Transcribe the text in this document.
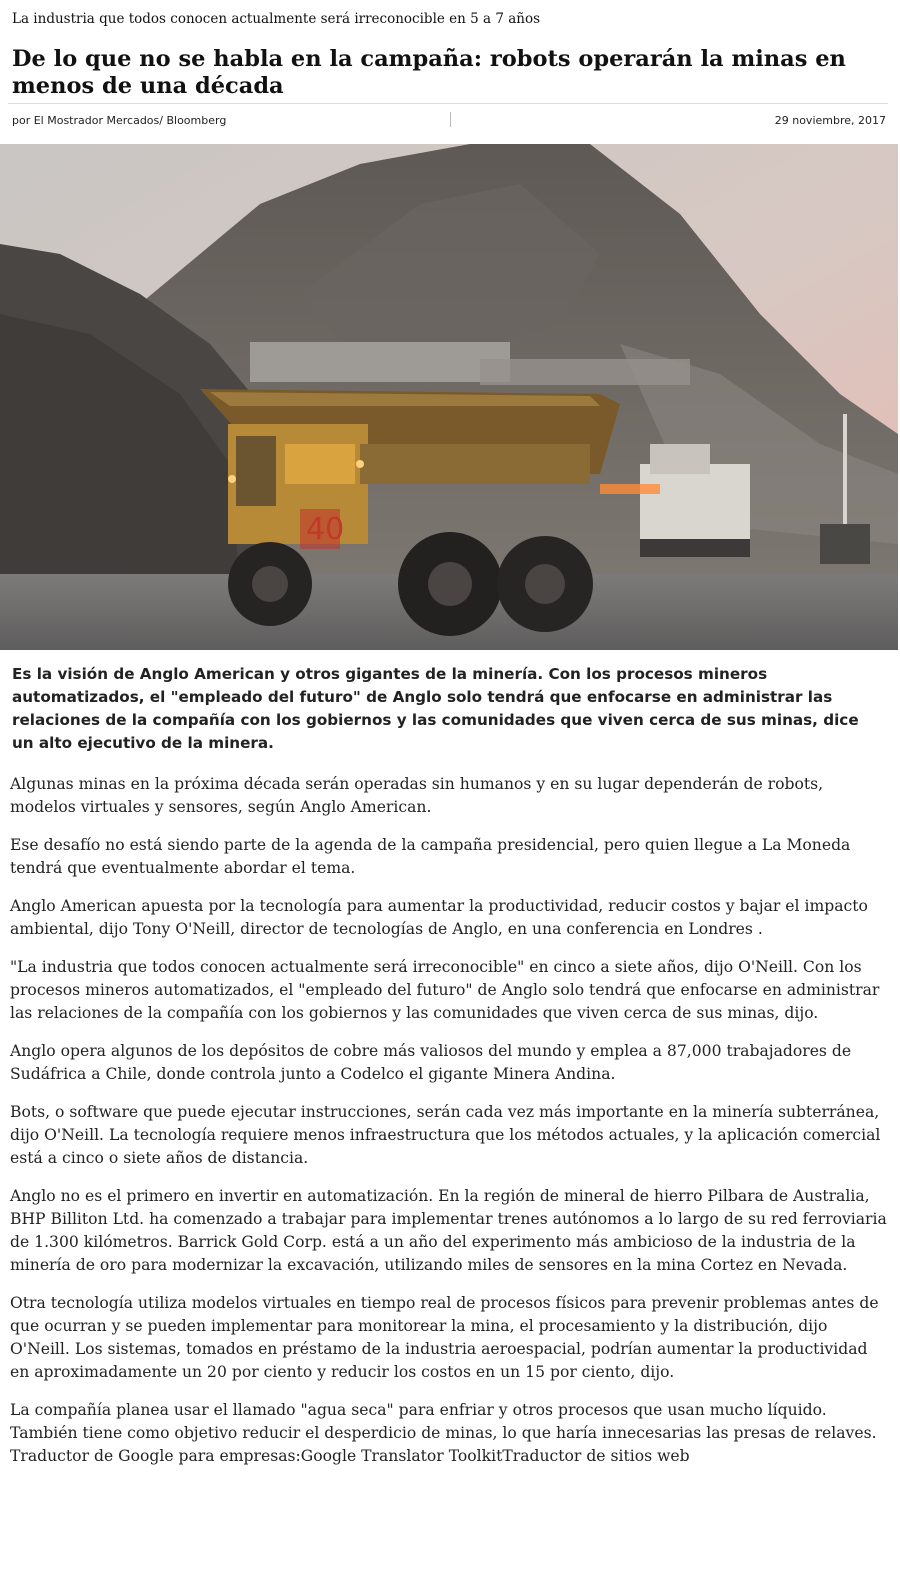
La industria que todos conocen actualmente será irreconocible en 5 a 7 años
De lo que no se habla en la campaña: robots operarán la minas en menos de una década
por El Mostrador Mercados/ Bloomberg	29 noviembre, 2017
40

Es la visión de Anglo American y otros gigantes de la minería. Con los procesos mineros automatizados, el "empleado del futuro" de Anglo solo tendrá que enfocarse en administrar las relaciones de la compañía con los gobiernos y las comunidades que viven cerca de sus minas, dice un alto ejecutivo de la minera.

Algunas minas en la próxima década serán operadas sin humanos y en su lugar dependerán de robots, modelos virtuales y sensores, según Anglo American.

Ese desafío no está siendo parte de la agenda de la campaña presidencial, pero quien llegue a La Moneda tendrá que eventualmente abordar el tema.

Anglo American apuesta por la tecnología para aumentar la productividad, reducir costos y bajar el impacto ambiental, dijo Tony O'Neill, director de tecnologías de Anglo, en una conferencia en Londres .

"La industria que todos conocen actualmente será irreconocible" en cinco a siete años, dijo O'Neill. Con los procesos mineros automatizados, el "empleado del futuro" de Anglo solo tendrá que enfocarse en administrar las relaciones de la compañía con los gobiernos y las comunidades que viven cerca de sus minas, dijo.

Anglo opera algunos de los depósitos de cobre más valiosos del mundo y emplea a 87,000 trabajadores de Sudáfrica a Chile, donde controla junto a Codelco el gigante Minera Andina.

Bots, o software que puede ejecutar instrucciones, serán cada vez más importante en la minería subterránea, dijo O'Neill. La tecnología requiere menos infraestructura que los métodos actuales, y la aplicación comercial está a cinco o siete años de distancia.

Anglo no es el primero en invertir en automatización. En la región de mineral de hierro Pilbara de Australia, BHP Billiton Ltd. ha comenzado a trabajar para implementar trenes autónomos a lo largo de su red ferroviaria de 1.300 kilómetros. Barrick Gold Corp. está a un año del experimento más ambicioso de la industria de la minería de oro para modernizar la excavación, utilizando miles de sensores en la mina Cortez en Nevada.

Otra tecnología utiliza modelos virtuales en tiempo real de procesos físicos para prevenir problemas antes de que ocurran y se pueden implementar para monitorear la mina, el procesamiento y la distribución, dijo O'Neill. Los sistemas, tomados en préstamo de la industria aeroespacial, podrían aumentar la productividad en aproximadamente un 20 por ciento y reducir los costos en un 15 por ciento, dijo.

La compañía planea usar el llamado "agua seca" para enfriar y otros procesos que usan mucho líquido. También tiene como objetivo reducir el desperdicio de minas, lo que haría innecesarias las presas de relaves.

Traductor de Google para empresas:Google Translator ToolkitTraductor de sitios web
